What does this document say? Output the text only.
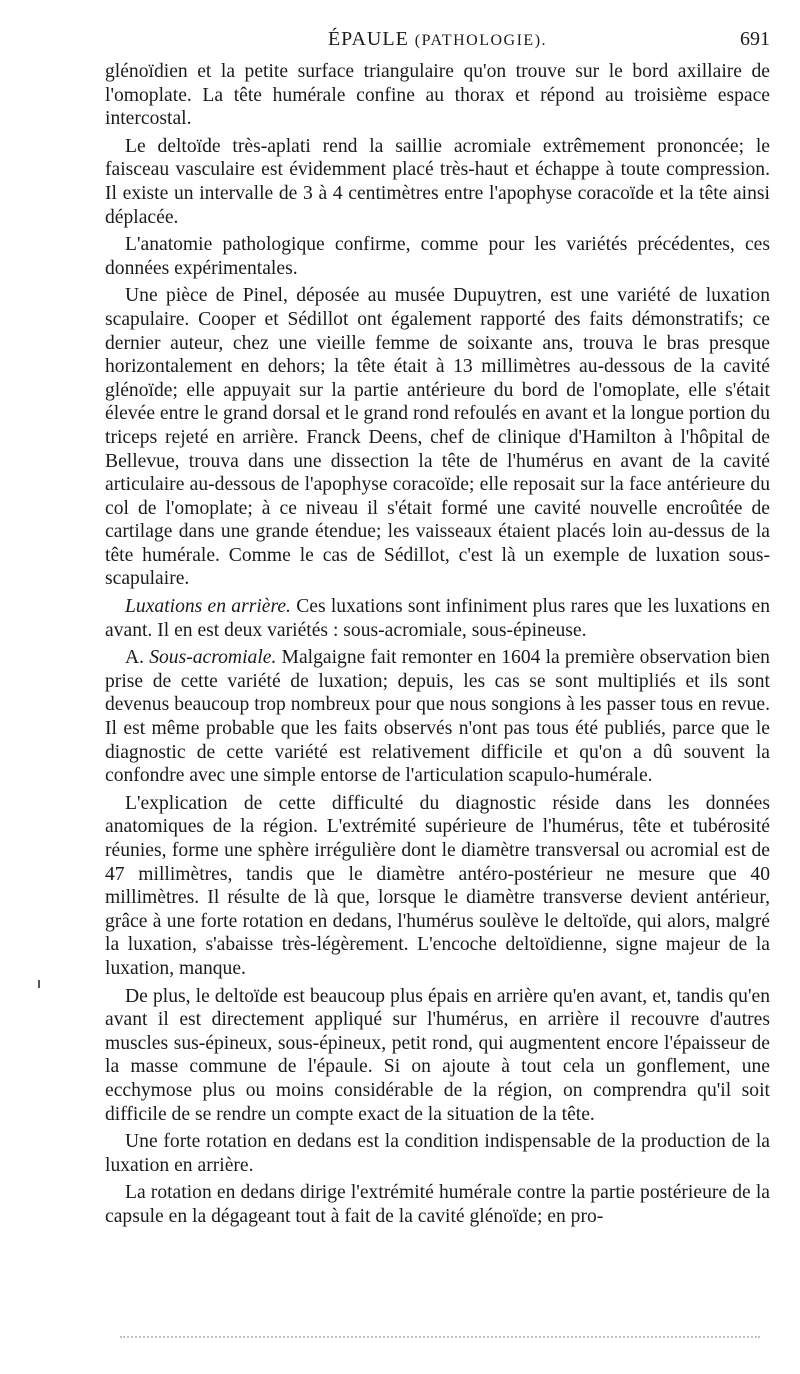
ÉPAULE (PATHOLOGIE).	691

glénoïdien et la petite surface triangulaire qu'on trouve sur le bord axillaire de l'omoplate. La tête humérale confine au thorax et répond au troisième espace intercostal.

Le deltoïde très-aplati rend la saillie acromiale extrêmement prononcée; le faisceau vasculaire est évidemment placé très-haut et échappe à toute compression. Il existe un intervalle de 3 à 4 centimètres entre l'apophyse coracoïde et la tête ainsi déplacée.

L'anatomie pathologique confirme, comme pour les variétés précédentes, ces données expérimentales.

Une pièce de Pinel, déposée au musée Dupuytren, est une variété de luxation scapulaire. Cooper et Sédillot ont également rapporté des faits démonstratifs; ce dernier auteur, chez une vieille femme de soixante ans, trouva le bras presque horizontalement en dehors; la tête était à 13 millimètres au-dessous de la cavité glénoïde; elle appuyait sur la partie antérieure du bord de l'omoplate, elle s'était élevée entre le grand dorsal et le grand rond refoulés en avant et la longue portion du triceps rejeté en arrière. Franck Deens, chef de clinique d'Hamilton à l'hôpital de Bellevue, trouva dans une dissection la tête de l'humérus en avant de la cavité articulaire au-dessous de l'apophyse coracoïde; elle reposait sur la face antérieure du col de l'omoplate; à ce niveau il s'était formé une cavité nouvelle encroûtée de cartilage dans une grande étendue; les vaisseaux étaient placés loin au-dessus de la tête humérale. Comme le cas de Sédillot, c'est là un exemple de luxation sous-scapulaire.

Luxations en arrière. Ces luxations sont infiniment plus rares que les luxations en avant. Il en est deux variétés : sous-acromiale, sous-épineuse.

A. Sous-acromiale. Malgaigne fait remonter en 1604 la première observation bien prise de cette variété de luxation; depuis, les cas se sont multipliés et ils sont devenus beaucoup trop nombreux pour que nous songions à les passer tous en revue. Il est même probable que les faits observés n'ont pas tous été publiés, parce que le diagnostic de cette variété est relativement difficile et qu'on a dû souvent la confondre avec une simple entorse de l'articulation scapulo-humérale.

L'explication de cette difficulté du diagnostic réside dans les données anatomiques de la région. L'extrémité supérieure de l'humérus, tête et tubérosité réunies, forme une sphère irrégulière dont le diamètre transversal ou acromial est de 47 millimètres, tandis que le diamètre antéro-postérieur ne mesure que 40 millimètres. Il résulte de là que, lorsque le diamètre transverse devient antérieur, grâce à une forte rotation en dedans, l'humérus soulève le deltoïde, qui alors, malgré la luxation, s'abaisse très-légèrement. L'encoche deltoïdienne, signe majeur de la luxation, manque.

De plus, le deltoïde est beaucoup plus épais en arrière qu'en avant, et, tandis qu'en avant il est directement appliqué sur l'humérus, en arrière il recouvre d'autres muscles sus-épineux, sous-épineux, petit rond, qui augmentent encore l'épaisseur de la masse commune de l'épaule. Si on ajoute à tout cela un gonflement, une ecchymose plus ou moins considérable de la région, on comprendra qu'il soit difficile de se rendre un compte exact de la situation de la tête.

Une forte rotation en dedans est la condition indispensable de la production de la luxation en arrière.

La rotation en dedans dirige l'extrémité humérale contre la partie postérieure de la capsule en la dégageant tout à fait de la cavité glénoïde; en pro-
